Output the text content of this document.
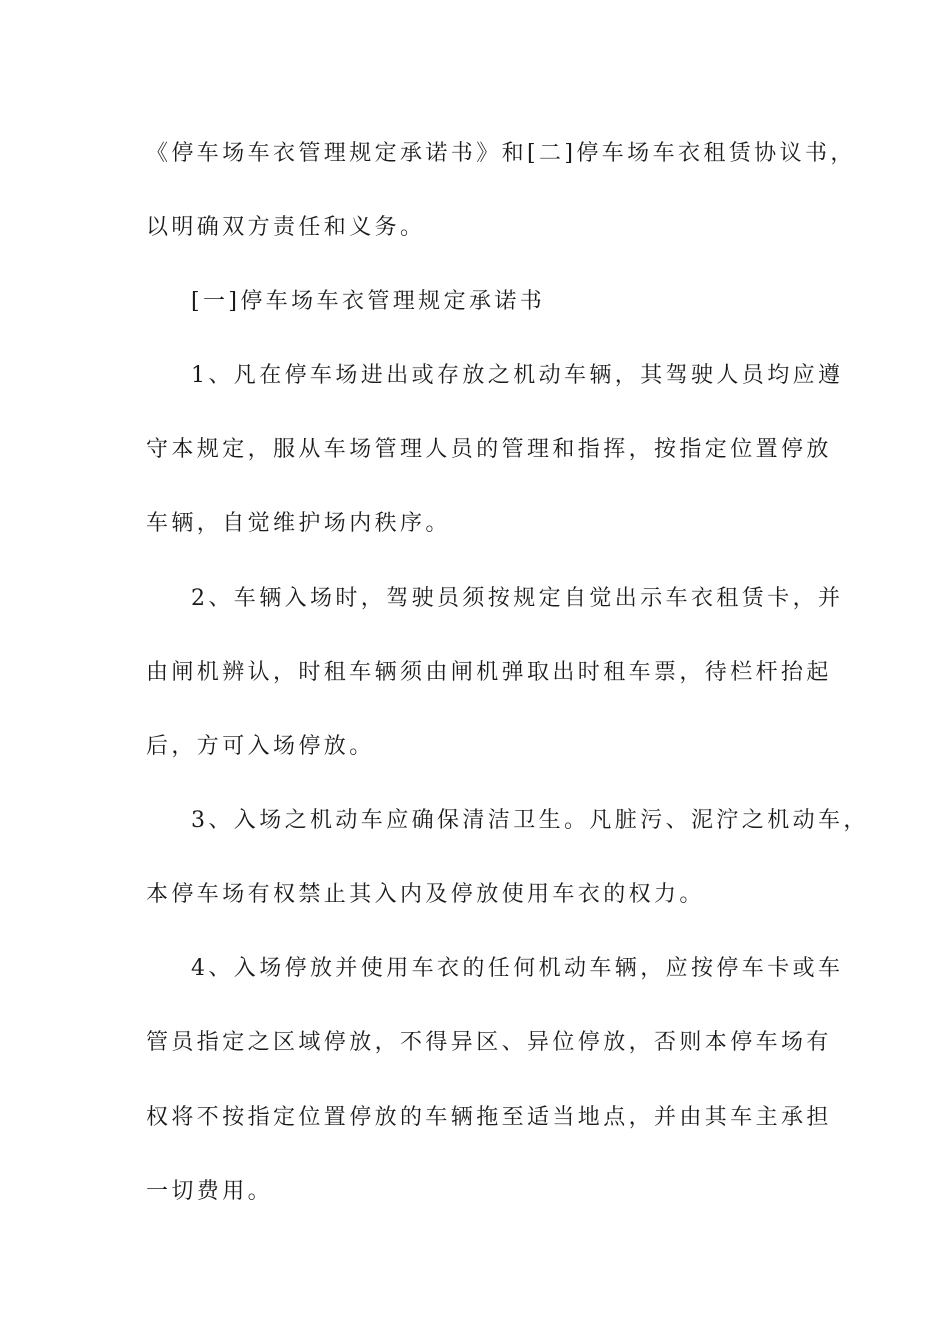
《停车场车衣管理规定承诺书》和[二]停车场车衣租赁协议书，
以明确双方责任和义务。
[一]停车场车衣管理规定承诺书
1、凡在停车场进出或存放之机动车辆，其驾驶人员均应遵
守本规定，服从车场管理人员的管理和指挥，按指定位置停放
车辆，自觉维护场内秩序。
2、车辆入场时，驾驶员须按规定自觉出示车衣租赁卡，并
由闸机辨认，时租车辆须由闸机弹取出时租车票，待栏杆抬起
后，方可入场停放。
3、入场之机动车应确保清洁卫生。凡脏污、泥泞之机动车，
本停车场有权禁止其入内及停放使用车衣的权力。
4、入场停放并使用车衣的任何机动车辆，应按停车卡或车
管员指定之区域停放，不得异区、异位停放，否则本停车场有
权将不按指定位置停放的车辆拖至适当地点，并由其车主承担
一切费用。
